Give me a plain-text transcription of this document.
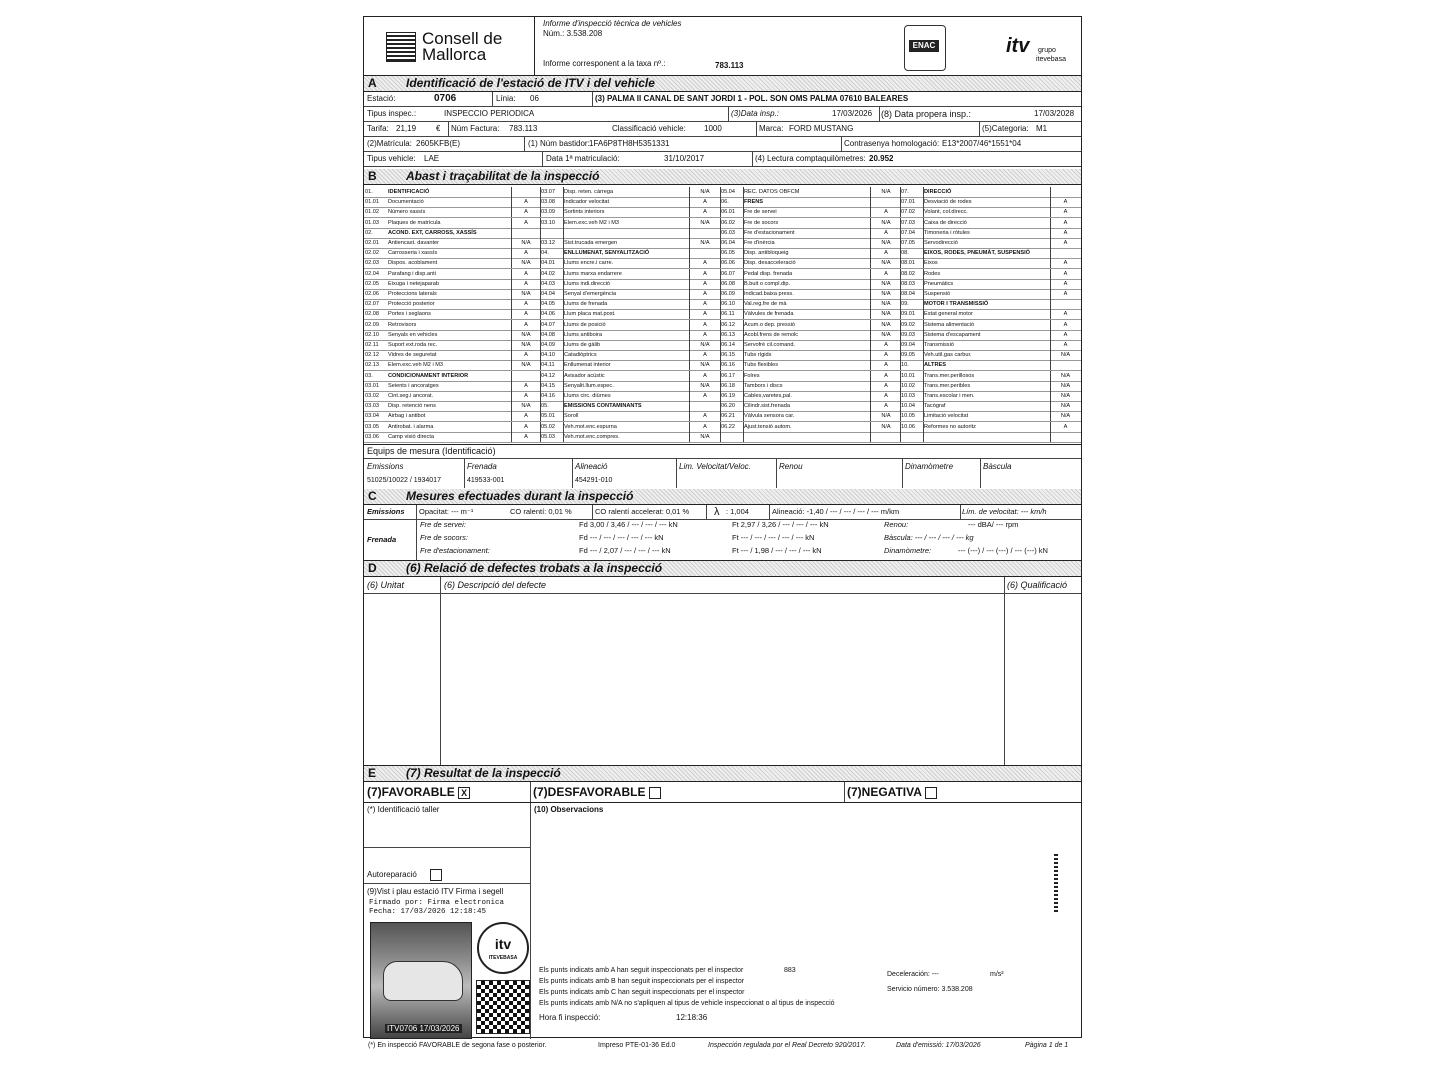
Consell de
Mallorca
Informe d'inspecció tècnica de vehicles
Núm.: 3.538.208
Informe corresponent a la taxa nº.:	783.113
ENAC	itv grupo
itevebasa
A Identificació de l'estació de ITV i del vehicle
Estació:	0706	Línia: 06	(3) PALMA II CANAL DE SANT JORDI 1 - POL. SON OMS PALMA 07610 BALEARES
Tipus inspec.:	INSPECCIO PERIODICA	(3)Data insp.:	17/03/2026 (8) Data propera insp.:	17/03/2028
Tarifa: 21,19 € Núm Factura: 783.113	Classificació vehicle: 1000	Marca: FORD MUSTANG	(5)Categoria: M1
(2)Matrícula: 2605KFB(E)	(1) Núm bastidor: 1FA6P8TH8H5351331	Contrasenya homologació: E13*2007/46*1551*04
Tipus vehicle: LAE	Data 1ª matriculació:	31/10/2017	(4) Lectura comptaquilòmetres: 20.952
B Abast i traçabilitat de la inspecció
01.	IDENTIFICACIÓ	03.07	Disp. reten. càrrega	N/A	05.04	REC. DATOS OBFCM	N/A	07.	DIRECCIÓ
01.01	Documentació	A	03.08	Indicador velocitat	A	06.	FRENS	07.01	Desviació de rodes	A
01.02	Número xassís	A	03.09	Sortints interiors	A	06.01	Fre de servei	A	07.02	Volant, col.direcc.	A
01.03	Plaques de matrícula	A	03.10	Elem.exc.veh M2 i M3	N/A	06.02	Fre de socors	N/A	07.03	Caixa de direcció	A
02.	ACOND. EXT, CARROSS, XASSÍS	06.03	Fre d'estacionament	A	07.04	Timoneria i ròtules	A
02.01	Antiencast. davanter	N/A	03.12	Sist.trucada emergen	N/A	06.04	Fre d'inèrcia	N/A	07.05	Servodirecció	A
02.02	Carrosseria i xassís	A	04.	ENLLUMENAT, SENYALITZACIÓ	06.05	Disp. antibloqueig	A	08.	EIXOS, RODES, PNEUMÀT, SUSPENSIÓ
02.03	Dispos. acoblament	N/A	04.01	Llums encre.i carre.	A	06.06	Disp. desacceleració	N/A	08.01	Eixos	A
02.04	Parafang i disp.anti	A	04.02	Llums marxa endarrere	A	06.07	Pedal disp. frenada	A	08.02	Rodes	A
02.05	Eixuga i netejaparab	A	04.03	Llums indi.direcció	A	06.08	B.buit o compl.dip.	N/A	08.03	Pneumàtics	A
02.06	Proteccions laterals	N/A	04.04	Senyal d'emergència	A	06.09	Indicad.baixa press.	N/A	08.04	Suspensió	A
02.07	Protecció posterior	A	04.05	Llums de frenada	A	06.10	Val.reg.fre de mà	N/A	09.	MOTOR I TRANSMISSIÓ
02.08	Portes i seglaons	A	04.06	Llum placa mat.post.	A	06.11	Vàlvules de frenada	N/A	09.01	Estat general motor	A
02.09	Retrovisors	A	04.07	Llums de posició	A	06.12	Acum.o dep. pressió	N/A	09.02	Sistema alimentació	A
02.10	Senyals en vehicles	N/A	04.08	Llums antiboira	A	06.13	Acobl.frens de remolc	N/A	09.03	Sistema d'escapament	A
02.11	Suport ext.roda rec.	N/A	04.09	Llums de gàlib	N/A	06.14	Servofrè cil.comand.	A	09.04	Transmissió	A
02.12	Vidres de seguretat	A	04.10	Catadiòptrics	A	06.15	Tubs rígids	A	09.05	Veh.util.gas carbur.	N/A
02.13	Elem.exc.veh M2 i M3	N/A	04.11	Enllumenat interior	N/A	06.16	Tubs flexibles	A	10.	ALTRES
03.	CONDICIONAMENT INTERIOR	04.12	Avisador acústic	A	06.17	Folres	A	10.01	Trans.mer.perillosos	N/A
03.01	Seients i ancoratges	A	04.15	Senyalit.llum.espec.	N/A	06.18	Tambors i discs	A	10.02	Trans.mer.peribles	N/A
03.02	Cint.seg.i ancorat.	A	04.16	Llums circ. diürnes	A	06.19	Cables,varetes,pal.	A	10.03	Trans.escolar i men.	N/A
03.03	Disp. retenció nens	N/A	05.	EMISSIONS CONTAMINANTS	06.20	Cilindr.sist.frenada	A	10.04	Tacògraf	N/A
03.04	Airbag i antibot	A	05.01	Soroll	A	06.21	Vàlvula sensora car.	N/A	10.05	Limitació velocitat	N/A
03.05	Antirobat. i alarma	A	05.02	Veh.mot.enc.espurna	A	06.22	Ajust.tensió autom.	N/A	10.06	Reformes no autoritz	A
03.06	Camp visió directa	A	05.03	Veh.mot.enc.compres.	N/A
Equips de mesura (Identificació)
Emissions
51025/10022 / 1934017
Frenada
419533-001
Alineació
454291-010
Lim. Velocitat/Veloc.	Renou	Dinamòmetre	Bàscula
C Mesures efectuades durant la inspecció
Emissions Opacitat: --- m⁻¹	CO ralentí: 0,01 %	CO ralentí accelerat: 0,01 % λ : 1,004	Alineació: -1,40 / --- / --- / --- / --- m/km	Lím. de velocitat: --- km/h
Frenada
Fre de servei:	Fd 3,00 / 3,46 / --- / --- / --- kN	Ft 2,97 / 3,26 / --- / --- / --- kN	Renou:	--- dBA/ --- rpm
Fre de socors:	Fd --- / --- / --- / --- / --- kN	Ft --- / --- / --- / --- / --- kN	Bàscula: --- / --- / --- / --- kg
Fre d'estacionament:	Fd --- / 2,07 / --- / --- / --- kN	Ft --- / 1,98 / --- / --- / --- kN	Dinamòmetre:	--- (---) / --- (---) / --- (---) kN
D (6) Relació de defectes trobats a la inspecció
(6) Unitat	(6) Descripció del defecte	(6) Qualificació
E (7) Resultat de la inspecció
(7)FAVORABLE X	(7)DESFAVORABLE	(7)NEGATIVA
(*) Identificació taller
Autoreparació
(9)Vist i plau estació ITV Firma i segell
Firmado por: Firma electronica
Fecha: 17/03/2026 12:18:45
(10) Observacions
Els punts indicats amb A han seguit inspeccionats per el inspector	883
Els punts indicats amb B han seguit inspeccionats per el inspector
Els punts indicats amb C han seguit inspeccionats per el inspector
Els punts indicats amb N/A no s'apliquen al tipus de vehicle inspeccionat o al tipus de inspecció
Hora fi inspecció:	12:18:36
Deceleración: ---	m/s²
Servicio número: 3.538.208
ITV0706 17/03/2026
itv
ITEVEBASA
(*) En inspecció FAVORABLE de segona fase o posterior.	Impreso PTE-01-36 Ed.0	Inspección regulada por el Real Decreto 920/2017.	Data d'emissió: 17/03/2026	Pàgina 1 de 1
